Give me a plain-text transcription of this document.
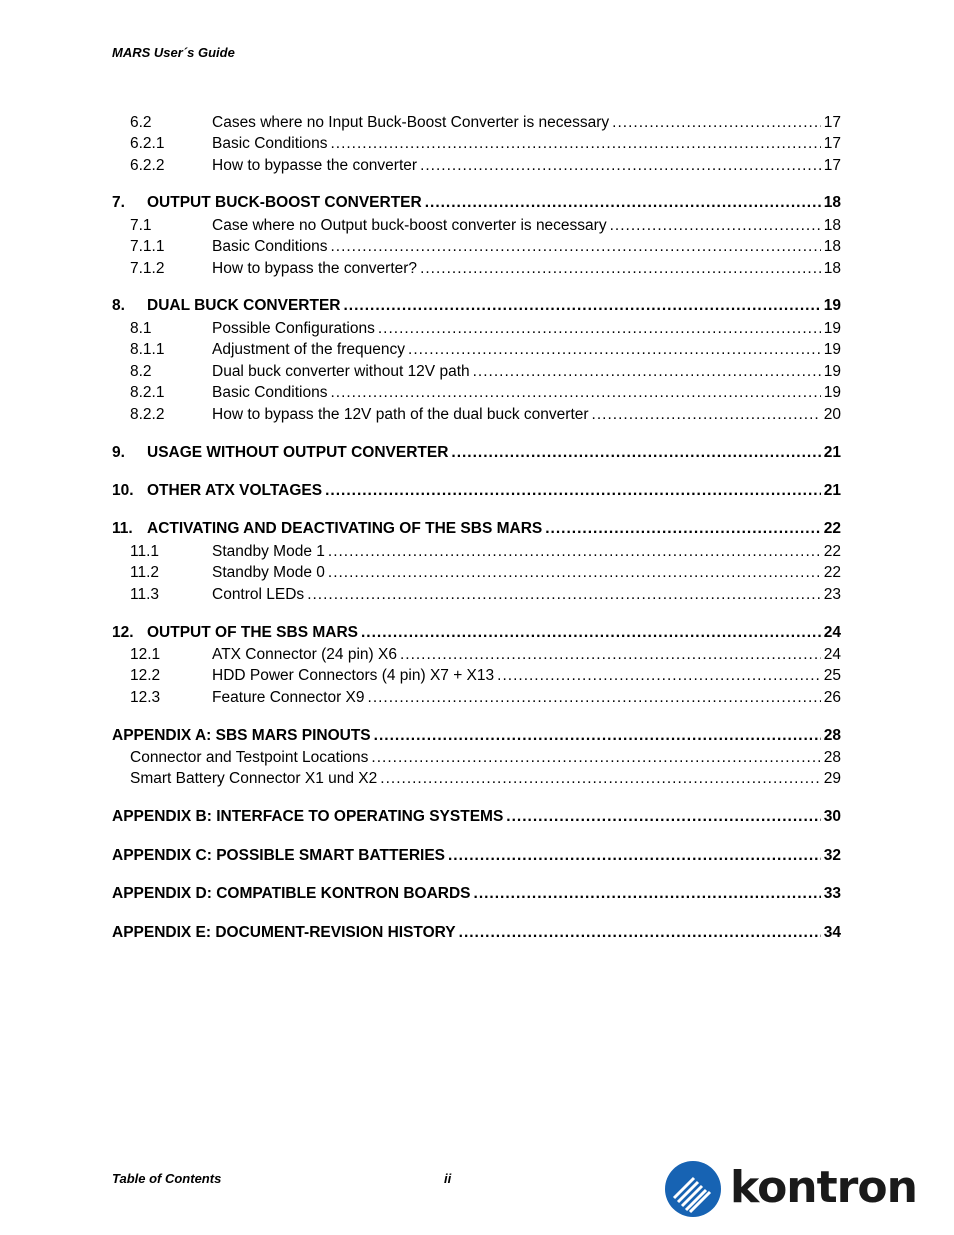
MARS User´s Guide
6.2	Cases where no Input Buck-Boost Converter is necessary .....	17
6.2.1	Basic Conditions .....	17
6.2.2	How to bypasse the converter .....	17
7.	OUTPUT BUCK-BOOST CONVERTER .....	18
7.1	Case where no Output buck-boost converter is necessary .....	18
7.1.1	Basic Conditions .....	18
7.1.2	How to bypass the converter? .....	18
8.	DUAL BUCK CONVERTER .....	19
8.1	Possible Configurations .....	19
8.1.1	Adjustment of the frequency .....	19
8.2	Dual buck converter without 12V path .....	19
8.2.1	Basic Conditions .....	19
8.2.2	How to bypass the 12V path of the dual buck converter .....	20
9.	USAGE WITHOUT OUTPUT CONVERTER .....	21
10. OTHER ATX VOLTAGES .....	21
11. ACTIVATING AND DEACTIVATING OF THE SBS MARS .....	22
11.1	Standby Mode 1 .....	22
11.2	Standby Mode 0 .....	22
11.3	Control LEDs .....	23
12. OUTPUT OF THE SBS MARS .....	24
12.1	ATX Connector (24 pin) X6 .....	24
12.2	HDD Power Connectors (4 pin) X7 + X13 .....	25
12.3	Feature Connector X9 .....	26
APPENDIX A: SBS MARS PINOUTS .....	28
Connector and Testpoint Locations .....	28
Smart Battery Connector X1 und X2 .....	29
APPENDIX B: INTERFACE TO OPERATING SYSTEMS .....	30
APPENDIX C: POSSIBLE SMART BATTERIES .....	32
APPENDIX D: COMPATIBLE KONTRON BOARDS .....	33
APPENDIX E: DOCUMENT-REVISION HISTORY .....	34
Table of Contents	ii	kontron
